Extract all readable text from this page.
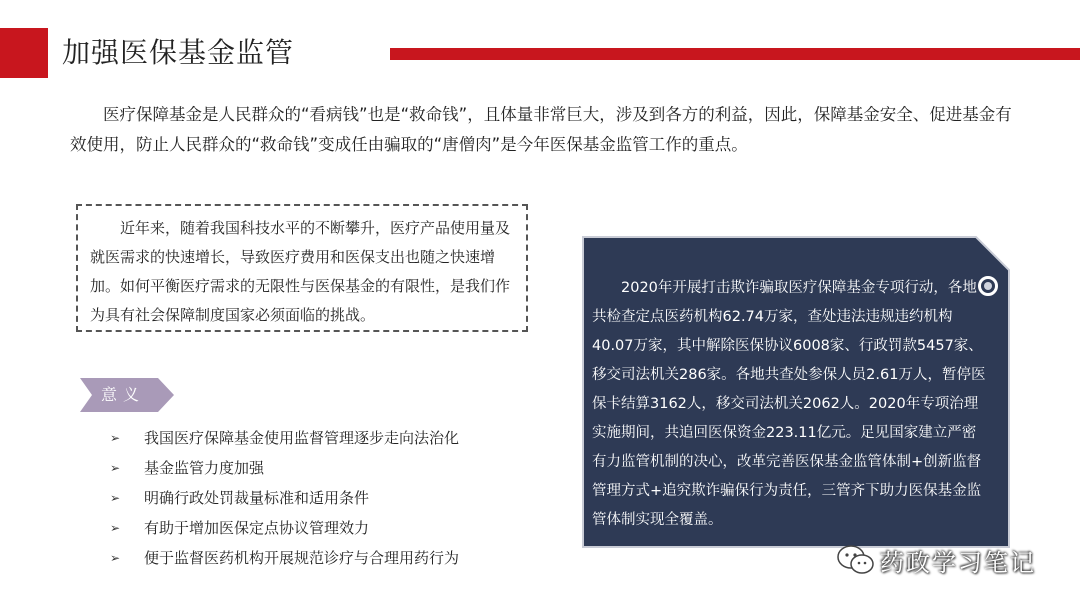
加强医保基金监管

医疗保障基金是人民群众的“看病钱”也是“救命钱”，且体量非常巨大，涉及到各方的利益，因此，保障基金安全、促进基金有效使用，防止人民群众的“救命钱”变成任由骗取的“唐僧肉”是今年医保基金监管工作的重点。

近年来，随着我国科技水平的不断攀升，医疗产品使用量及就医需求的快速增长，导致医疗费用和医保支出也随之快速增加。如何平衡医疗需求的无限性与医保基金的有限性，是我们作为具有社会保障制度国家必须面临的挑战。

意义
➢	我国医疗保障基金使用监督管理逐步走向法治化
➢	基金监管力度加强
➢	明确行政处罚裁量标准和适用条件
➢	有助于增加医保定点协议管理效力
➢	便于监督医药机构开展规范诊疗与合理用药行为

2020年开展打击欺诈骗取医疗保障基金专项行动，各地共检查定点医药机构62.74万家，查处违法违规违约机构40.07万家，其中解除医保协议6008家、行政罚款5457家、移交司法机关286家。各地共查处参保人员2.61万人，暂停医保卡结算3162人，移交司法机关2062人。2020年专项治理实施期间，共追回医保资金223.11亿元。足见国家建立严密有力监管机制的决心，改革完善医保基金监管体制+创新监督管理方式+追究欺诈骗保行为责任，三管齐下助力医保基金监管体制实现全覆盖。

药政学习笔记
